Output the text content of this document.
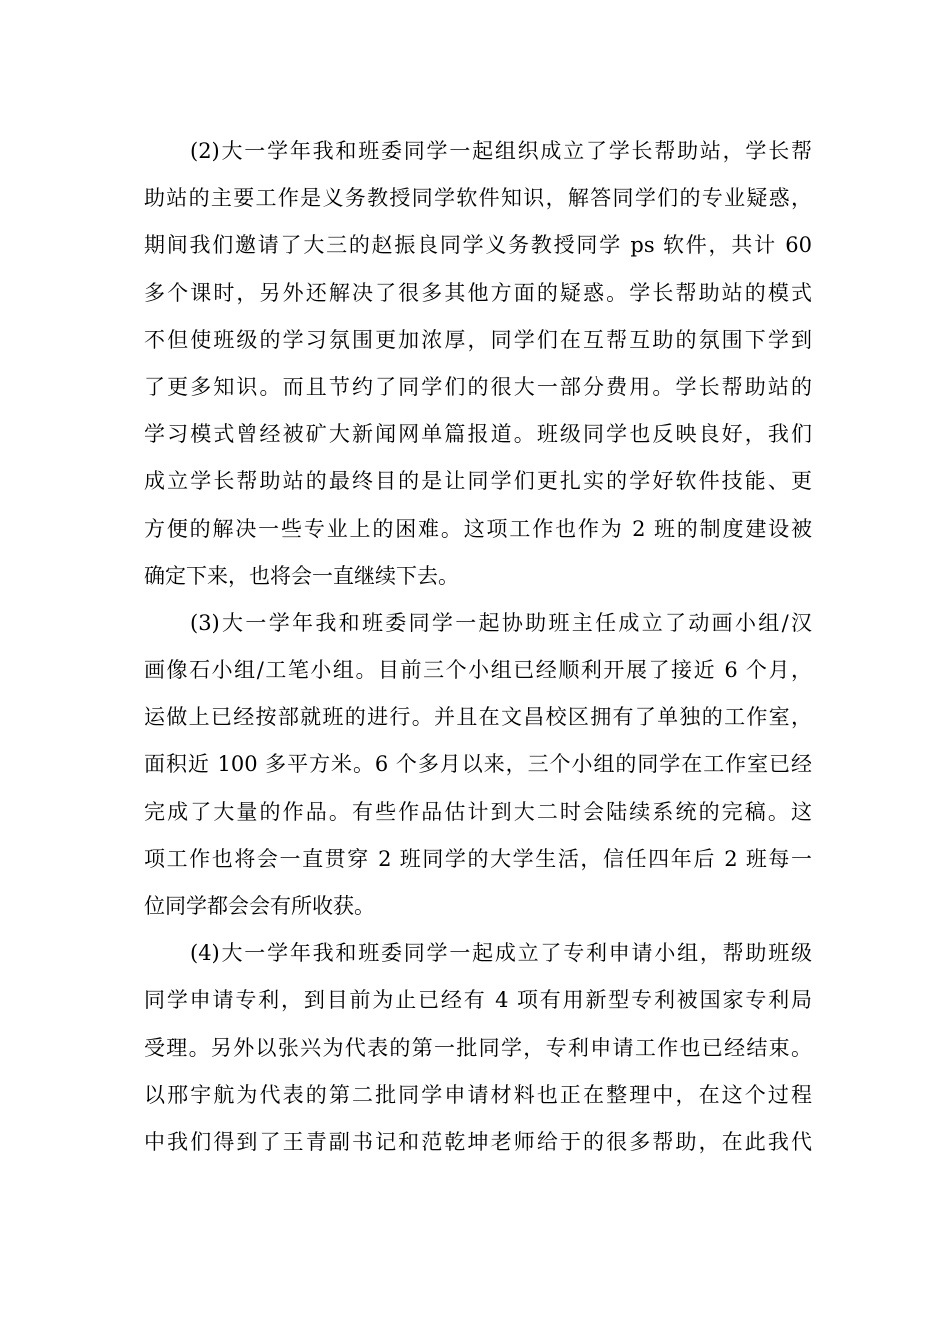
(2)大一学年我和班委同学一起组织成立了学长帮助站，学长帮
助站的主要工作是义务教授同学软件知识，解答同学们的专业疑惑，
期间我们邀请了大三的赵振良同学义务教授同学 ps 软件，共计 60
多个课时，另外还解决了很多其他方面的疑惑。学长帮助站的模式
不但使班级的学习氛围更加浓厚，同学们在互帮互助的氛围下学到
了更多知识。而且节约了同学们的很大一部分费用。学长帮助站的
学习模式曾经被矿大新闻网单篇报道。班级同学也反映良好，我们
成立学长帮助站的最终目的是让同学们更扎实的学好软件技能、更
方便的解决一些专业上的困难。这项工作也作为 2 班的制度建设被
确定下来，也将会一直继续下去。

(3)大一学年我和班委同学一起协助班主任成立了动画小组/汉
画像石小组/工笔小组。目前三个小组已经顺利开展了接近 6 个月，
运做上已经按部就班的进行。并且在文昌校区拥有了单独的工作室，
面积近 100 多平方米。6 个多月以来，三个小组的同学在工作室已经
完成了大量的作品。有些作品估计到大二时会陆续系统的完稿。这
项工作也将会一直贯穿 2 班同学的大学生活，信任四年后 2 班每一
位同学都会会有所收获。

(4)大一学年我和班委同学一起成立了专利申请小组，帮助班级
同学申请专利，到目前为止已经有 4 项有用新型专利被国家专利局
受理。另外以张兴为代表的第一批同学，专利申请工作也已经结束。
以邢宇航为代表的第二批同学申请材料也正在整理中，在这个过程
中我们得到了王青副书记和范乾坤老师给于的很多帮助，在此我代
